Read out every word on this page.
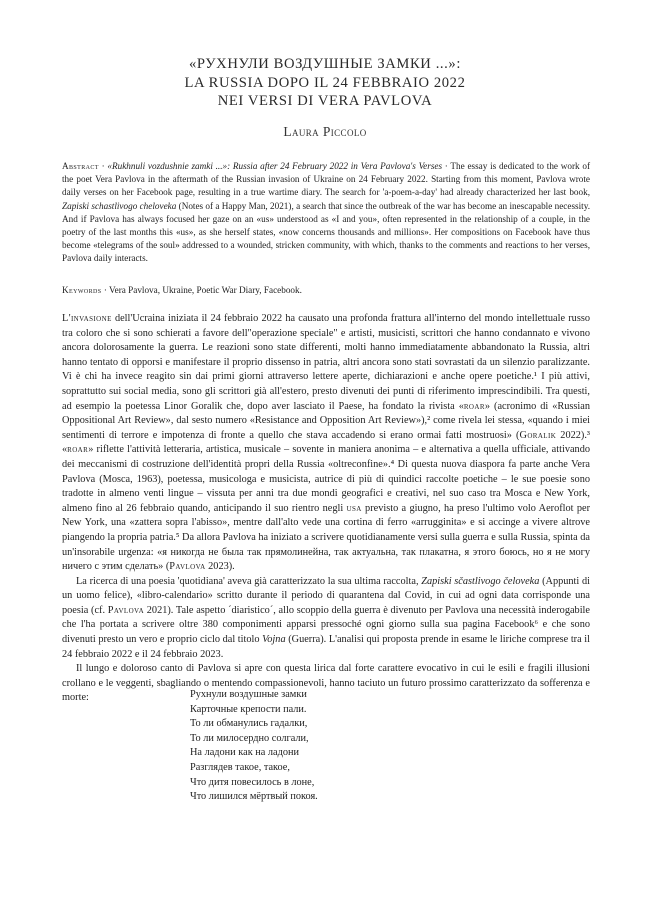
«РУХНУЛИ ВОЗДУШНЫЕ ЗАМКИ ...»:
LA RUSSIA DOPO IL 24 FEBBRAIO 2022
NEI VERSI DI VERA PAVLOVA
Laura Piccolo
Abstract · «Rukhnuli vozdushnie zamki ...»: Russia after 24 February 2022 in Vera Pavlova's Verses · The essay is dedicated to the work of the poet Vera Pavlova in the aftermath of the Russian invasion of Ukraine on 24 February 2022. Starting from this moment, Pavlova wrote daily verses on her Facebook page, resulting in a true wartime diary. The search for 'a-poem-a-day' had already characterized her last book, Zapiski schastlivogo cheloveka (Notes of a Happy Man, 2021), a search that since the outbreak of the war has become an inescapable necessity. And if Pavlova has always focused her gaze on an «us» understood as «I and you», often represented in the relationship of a couple, in the poetry of the last months this «us», as she herself states, «now concerns thousands and millions». Her compositions on Facebook have thus become «telegrams of the soul» addressed to a wounded, stricken community, with which, thanks to the comments and reactions to her verses, Pavlova daily interacts.
Keywords · Vera Pavlova, Ukraine, Poetic War Diary, Facebook.

L'invasione dell'Ucraina iniziata il 24 febbraio 2022 ha causato una profonda frattura all'interno del mondo intellettuale russo tra coloro che si sono schierati a favore dell"operazione speciale" e artisti, musicisti, scrittori che hanno condannato e vivono ancora dolorosamente la guerra. Le reazioni sono state differenti, molti hanno immediatamente abbandonato la Russia, altri hanno tentato di opporsi e manifestare il proprio dissenso in patria, altri ancora sono stati sovrastati da un silenzio paralizzante. Vi è chi ha invece reagito sin dai primi giorni attraverso lettere aperte, dichiarazioni e anche opere poetiche.¹ I più attivi, soprattutto sui social media, sono gli scrittori già all'estero, presto divenuti dei punti di riferimento imprescindibili. Tra questi, ad esempio la poetessa Linor Goralik che, dopo aver lasciato il Paese, ha fondato la rivista «roar» (acronimo di «Russian Oppositional Art Review», dal sesto numero «Resistance and Opposition Art Review»),² come rivela lei stessa, «quando i miei sentimenti di terrore e impotenza di fronte a quello che stava accadendo si erano ormai fatti mostruosi» (Goralik 2022).³ «roar» riflette l'attività letteraria, artistica, musicale – sovente in maniera anonima – e alternativa a quella ufficiale, attivando dei meccanismi di costruzione dell'identità propri della Russia «oltreconfine».⁴ Di questa nuova diaspora fa parte anche Vera Pavlova (Mosca, 1963), poetessa, musicologa e musicista, autrice di più di quindici raccolte poetiche – le sue poesie sono tradotte in almeno venti lingue – vissuta per anni tra due mondi geografici e creativi, nel suo caso tra Mosca e New York, almeno fino al 26 febbraio quando, anticipando il suo rientro negli usa previsto a giugno, ha preso l'ultimo volo Aeroflot per New York, una «zattera sopra l'abisso», mentre dall'alto vede una cortina di ferro «arrugginita» e si accinge a vivere altrove piangendo la propria patria.⁵ Da allora Pavlova ha iniziato a scrivere quotidianamente versi sulla guerra e sulla Russia, spinta da un'insorabile urgenza: «я никогда не была так прямолинейна, так актуальна, так плакатна, я этого боюсь, но я не могу ничего с этим сделать» (Pavlova 2023).

La ricerca di una poesia 'quotidiana' aveva già caratterizzato la sua ultima raccolta, Zapiski sčastlivogo čeloveka (Appunti di un uomo felice), «libro-calendario» scritto durante il periodo di quarantena dal Covid, in cui ad ogni data corrisponde una poesia (cf. Pavlova 2021). Tale aspetto ´diaristico´, allo scoppio della guerra è divenuto per Pavlova una necessità inderogabile che l'ha portata a scrivere oltre 380 componimenti apparsi pressoché ogni giorno sulla sua pagina Facebook⁶ e che sono divenuti presto un vero e proprio ciclo dal titolo Vojna (Guerra). L'analisi qui proposta prende in esame le liriche comprese tra il 24 febbraio 2022 e il 24 febbraio 2023.

Il lungo e doloroso canto di Pavlova si apre con questa lirica dal forte carattere evocativo in cui le esili e fragili illusioni crollano e le veggenti, sbagliando o mentendo compassionevoli, hanno taciuto un futuro prossimo caratterizzato da sofferenza e morte:	Рухнули воздушные замки
Карточные крепости пали.
То ли обманулись гадалки,
То ли милосердно солгали,
На ладони как на ладони
Разглядев такое, такое,
Что дитя повесилось в лоне,
Что лишился мёртвый покоя.
